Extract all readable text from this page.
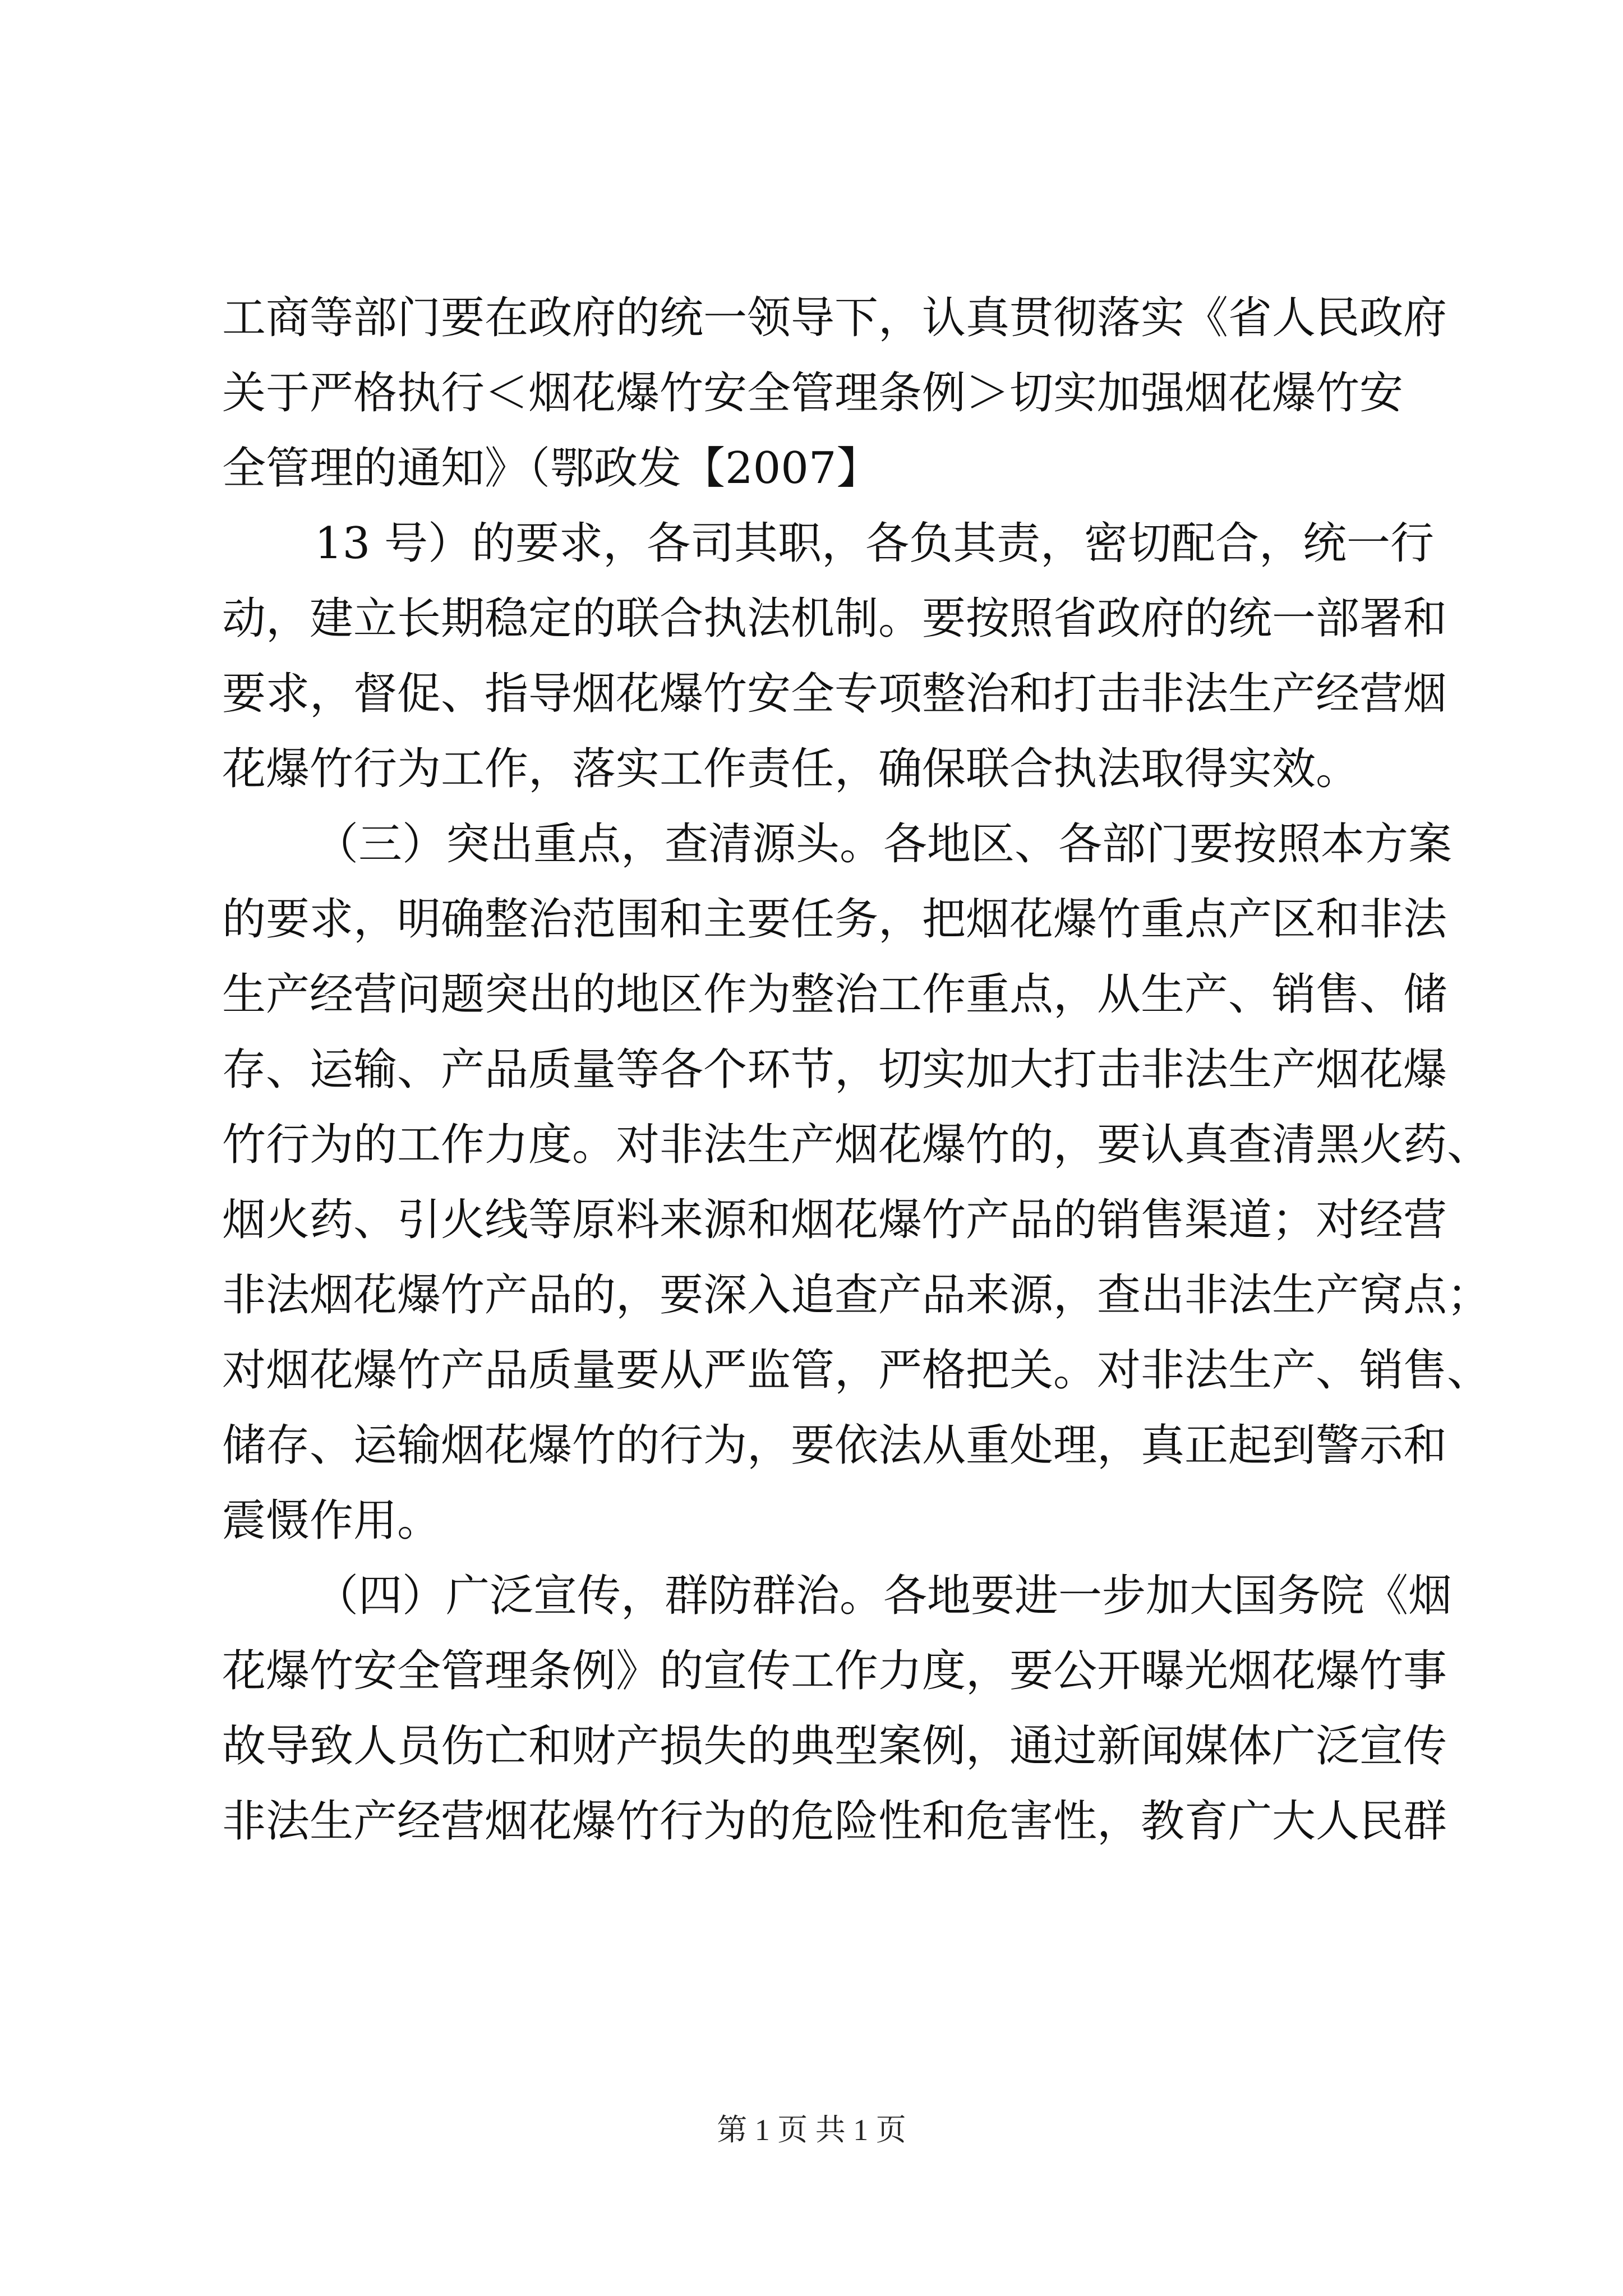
工商等部门要在政府的统一领导下，认真贯彻落实《省人民政府
关于严格执行＜烟花爆竹安全管理条例＞切实加强烟花爆竹安
全管理的通知》（鄂政发【2007】
13 号）的要求，各司其职，各负其责，密切配合，统一行
动，建立长期稳定的联合执法机制。要按照省政府的统一部署和
要求，督促、指导烟花爆竹安全专项整治和打击非法生产经营烟
花爆竹行为工作，落实工作责任，确保联合执法取得实效。
（三）突出重点，查清源头。各地区、各部门要按照本方案
的要求，明确整治范围和主要任务，把烟花爆竹重点产区和非法
生产经营问题突出的地区作为整治工作重点，从生产、销售、储
存、运输、产品质量等各个环节，切实加大打击非法生产烟花爆
竹行为的工作力度。对非法生产烟花爆竹的，要认真查清黑火药、
烟火药、引火线等原料来源和烟花爆竹产品的销售渠道；对经营
非法烟花爆竹产品的，要深入追查产品来源，查出非法生产窝点；
对烟花爆竹产品质量要从严监管，严格把关。对非法生产、销售、
储存、运输烟花爆竹的行为，要依法从重处理，真正起到警示和
震慑作用。
（四）广泛宣传，群防群治。各地要进一步加大国务院《烟
花爆竹安全管理条例》的宣传工作力度，要公开曝光烟花爆竹事
故导致人员伤亡和财产损失的典型案例，通过新闻媒体广泛宣传
非法生产经营烟花爆竹行为的危险性和危害性，教育广大人民群
第 1 页 共 1 页
